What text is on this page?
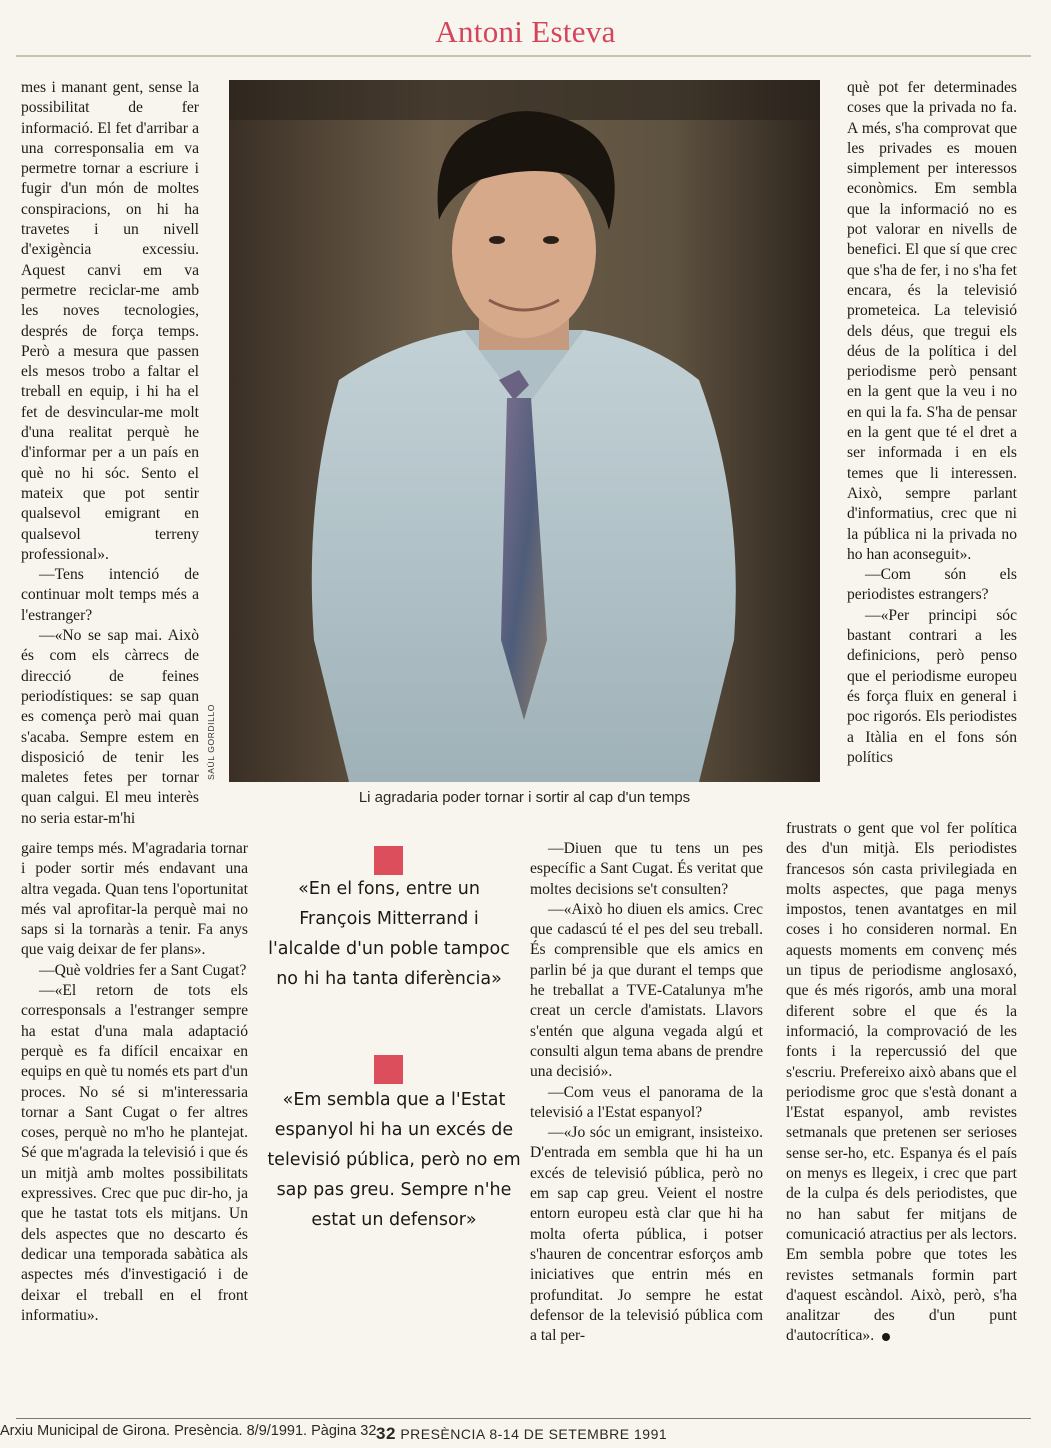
Antoni Esteva

mes i manant gent, sense la possibilitat de fer informació. El fet d'arribar a una corresponsalia em va permetre tornar a escriure i fugir d'un món de moltes conspiracions, on hi ha travetes i un nivell d'exigència excessiu. Aquest canvi em va permetre reciclar-me amb les noves tecnologies, després de força temps. Però a mesura que passen els mesos trobo a faltar el treball en equip, i hi ha el fet de desvincular-me molt d'una realitat perquè he d'informar per a un país en què no hi sóc. Sento el mateix que pot sentir qualsevol emigrant en qualsevol terreny professional».

—Tens intenció de continuar molt temps més a l'estranger?

—«No se sap mai. Això és com els càrrecs de direcció de feines periodístiques: se sap quan es comença però mai quan s'acaba. Sempre estem en disposició de tenir les maletes fetes per tornar quan calgui. El meu interès no seria estar-m'hi

SAÚL GORDILLO
Li agradaria poder tornar i sortir al cap d'un temps

gaire temps més. M'agradaria tornar i poder sortir més endavant una altra vegada. Quan tens l'oportunitat més val aprofitar-la perquè mai no saps si la tornaràs a tenir. Fa anys que vaig deixar de fer plans».

—Què voldries fer a Sant Cugat?

—«El retorn de tots els corresponsals a l'estranger sempre ha estat d'una mala adaptació perquè es fa difícil encaixar en equips en què tu només ets part d'un proces. No sé si m'interessaria tornar a Sant Cugat o fer altres coses, perquè no m'ho he plantejat. Sé que m'agrada la televisió i que és un mitjà amb moltes possibilitats expressives. Crec que puc dir-ho, ja que he tastat tots els mitjans. Un dels aspectes que no descarto és dedicar una temporada sabàtica als aspectes més d'investigació i de deixar el treball en el front informatiu».

«En el fons, entre un François Mitterrand i l'alcalde d'un poble tampoc no hi ha tanta diferència»
«Em sembla que a l'Estat espanyol hi ha un excés de televisió pública, però no em sap pas greu. Sempre n'he estat un defensor»

—Diuen que tu tens un pes específic a Sant Cugat. És veritat que moltes decisions se't consulten?

—«Això ho diuen els amics. Crec que cadascú té el pes del seu treball. És comprensible que els amics en parlin bé ja que durant el temps que he treballat a TVE-Catalunya m'he creat un cercle d'amistats. Llavors s'entén que alguna vegada algú et consulti algun tema abans de prendre una decisió».

—Com veus el panorama de la televisió a l'Estat espanyol?

—«Jo sóc un emigrant, insisteixo. D'entrada em sembla que hi ha un excés de televisió pública, però no em sap cap greu. Veient el nostre entorn europeu està clar que hi ha molta oferta pública, i potser s'hauren de concentrar esforços amb iniciatives que entrin més en profunditat. Jo sempre he estat defensor de la televisió pública com a tal per-

què pot fer determinades coses que la privada no fa. A més, s'ha comprovat que les privades es mouen simplement per interessos econòmics. Em sembla que la informació no es pot valorar en nivells de benefici. El que sí que crec que s'ha de fer, i no s'ha fet encara, és la televisió prometeica. La televisió dels déus, que tregui els déus de la política i del periodisme però pensant en la gent que la veu i no en qui la fa. S'ha de pensar en la gent que té el dret a ser informada i en els temes que li interessen. Això, sempre parlant d'informatius, crec que ni la pública ni la privada no ho han aconseguit».

—Com són els periodistes estrangers?

—«Per principi sóc bastant contrari a les definicions, però penso que el periodisme europeu és força fluix en general i poc rigorós. Els periodistes a Itàlia en el fons són polítics

frustrats o gent que vol fer política des d'un mitjà. Els periodistes francesos són casta privilegiada en molts aspectes, que paga menys impostos, tenen avantatges en mil coses i ho consideren normal. En aquests moments em convenç més un tipus de periodisme anglosaxó, que és més rigorós, amb una moral diferent sobre el que és la informació, la comprovació de les fonts i la repercussió del que s'escriu. Prefereixo això abans que el periodisme groc que s'està donant a l'Estat espanyol, amb revistes setmanals que pretenen ser serioses sense ser-ho, etc. Espanya és el país on menys es llegeix, i crec que part de la culpa és dels periodistes, que no han sabut fer mitjans de comunicació atractius per als lectors. Em sembla pobre que totes les revistes setmanals formin part d'aquest escàndol. Això, però, s'ha analitzar des d'un punt d'autocrítica».

Arxiu Municipal de Girona. Presència. 8/9/1991. Pàgina 32 32 PRESÈNCIA 8-14 DE SETEMBRE 1991
